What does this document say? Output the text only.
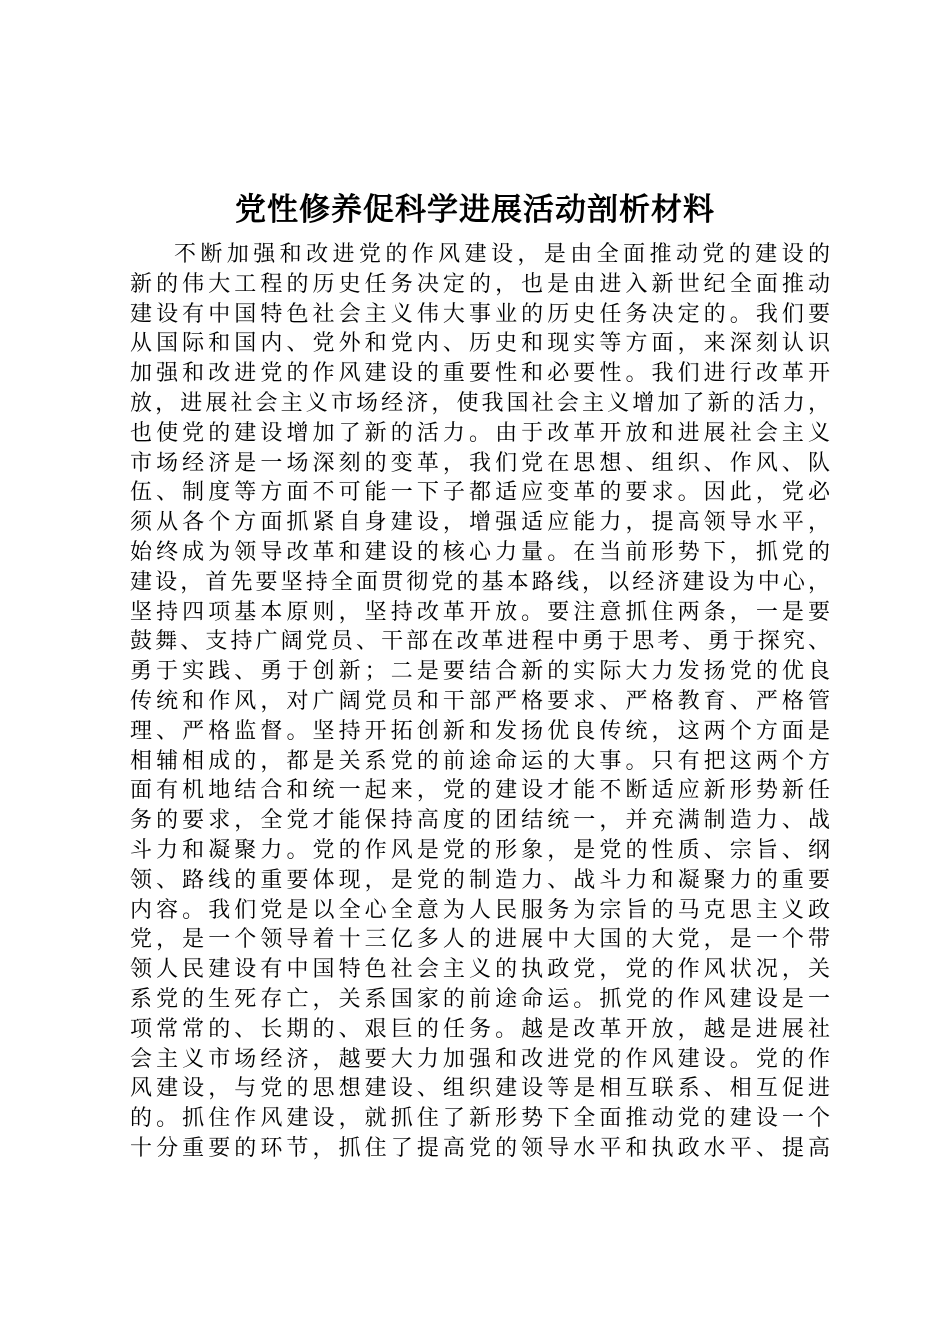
党性修养促科学进展活动剖析材料
不断加强和改进党的作风建设，是由全面推动党的建设的
新的伟大工程的历史任务决定的，也是由进入新世纪全面推动
建设有中国特色社会主义伟大事业的历史任务决定的。我们要
从国际和国内、党外和党内、历史和现实等方面，来深刻认识
加强和改进党的作风建设的重要性和必要性。我们进行改革开
放，进展社会主义市场经济，使我国社会主义增加了新的活力，
也使党的建设增加了新的活力。由于改革开放和进展社会主义
市场经济是一场深刻的变革，我们党在思想、组织、作风、队
伍、制度等方面不可能一下子都适应变革的要求。因此，党必
须从各个方面抓紧自身建设，增强适应能力，提高领导水平，
始终成为领导改革和建设的核心力量。在当前形势下，抓党的
建设，首先要坚持全面贯彻党的基本路线，以经济建设为中心，
坚持四项基本原则，坚持改革开放。要注意抓住两条，一是要
鼓舞、支持广阔党员、干部在改革进程中勇于思考、勇于探究、
勇于实践、勇于创新；二是要结合新的实际大力发扬党的优良
传统和作风，对广阔党员和干部严格要求、严格教育、严格管
理、严格监督。坚持开拓创新和发扬优良传统，这两个方面是
相辅相成的，都是关系党的前途命运的大事。只有把这两个方
面有机地结合和统一起来，党的建设才能不断适应新形势新任
务的要求，全党才能保持高度的团结统一，并充满制造力、战
斗力和凝聚力。党的作风是党的形象，是党的性质、宗旨、纲
领、路线的重要体现，是党的制造力、战斗力和凝聚力的重要
内容。我们党是以全心全意为人民服务为宗旨的马克思主义政
党，是一个领导着十三亿多人的进展中大国的大党，是一个带
领人民建设有中国特色社会主义的执政党，党的作风状况，关
系党的生死存亡，关系国家的前途命运。抓党的作风建设是一
项常常的、长期的、艰巨的任务。越是改革开放，越是进展社
会主义市场经济，越要大力加强和改进党的作风建设。党的作
风建设，与党的思想建设、组织建设等是相互联系、相互促进
的。抓住作风建设，就抓住了新形势下全面推动党的建设一个
十分重要的环节，抓住了提高党的领导水平和执政水平、提高
